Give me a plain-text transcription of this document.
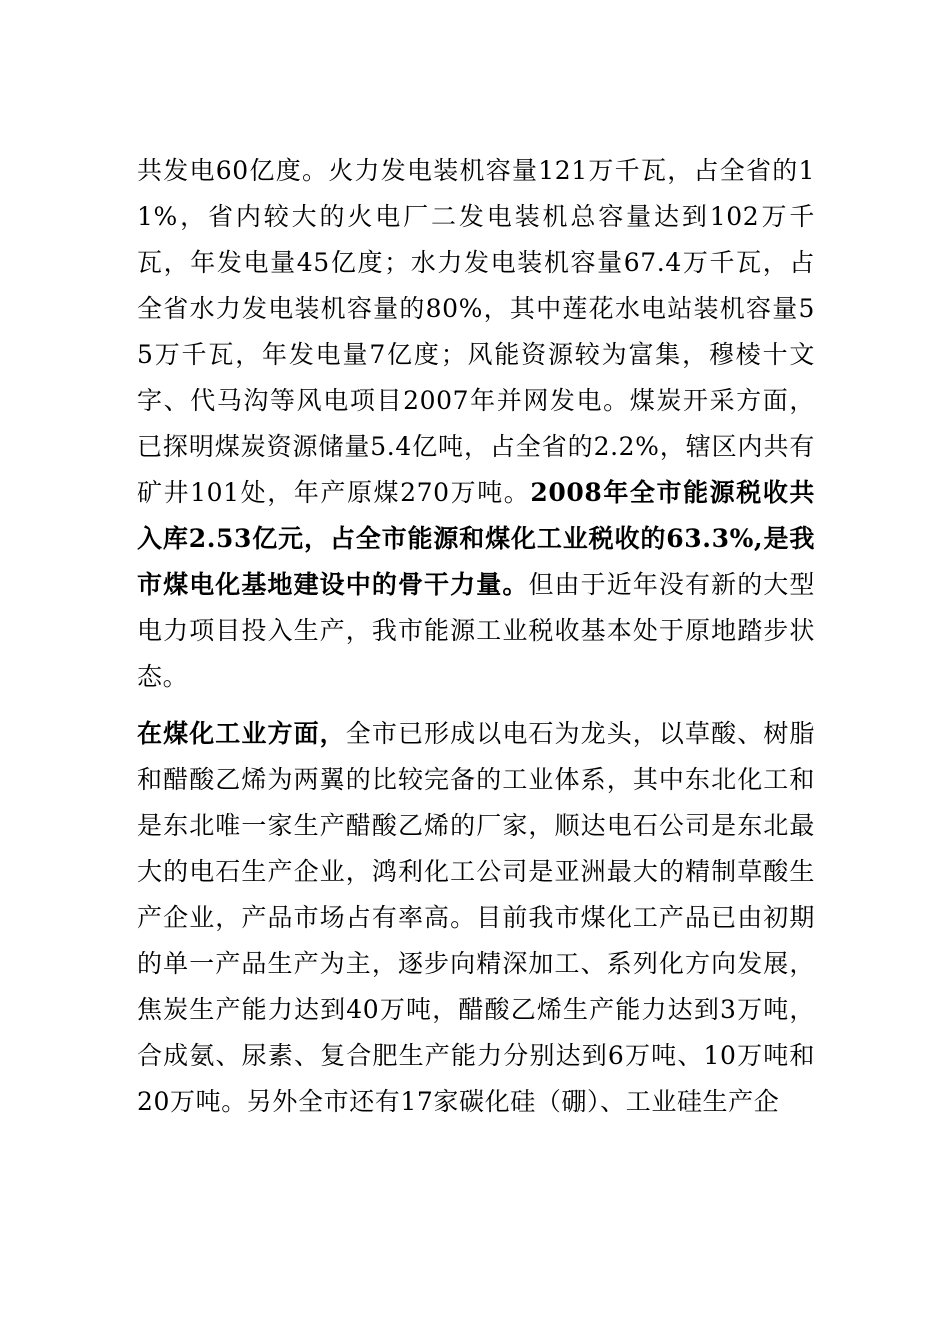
共发电60亿度。火力发电装机容量121万千瓦，占全省的11%，省内较大的火电厂二发电装机总容量达到102万千瓦，年发电量45亿度；水力发电装机容量67.4万千瓦，占全省水力发电装机容量的80%，其中莲花水电站装机容量55万千瓦，年发电量7亿度；风能资源较为富集，穆棱十文字、代马沟等风电项目2007年并网发电。煤炭开采方面，已探明煤炭资源储量5.4亿吨，占全省的2.2%，辖区内共有矿井101处，年产原煤270万吨。2008年全市能源税收共入库2.53亿元，占全市能源和煤化工业税收的63.3%,是我市煤电化基地建设中的骨干力量。但由于近年没有新的大型电力项目投入生产，我市能源工业税收基本处于原地踏步状态。

在煤化工业方面，全市已形成以电石为龙头，以草酸、树脂和醋酸乙烯为两翼的比较完备的工业体系，其中东北化工和是东北唯一家生产醋酸乙烯的厂家，顺达电石公司是东北最大的电石生产企业，鸿利化工公司是亚洲最大的精制草酸生产企业，产品市场占有率高。目前我市煤化工产品已由初期的单一产品生产为主，逐步向精深加工、系列化方向发展，焦炭生产能力达到40万吨，醋酸乙烯生产能力达到3万吨，合成氨、尿素、复合肥生产能力分别达到6万吨、10万吨和20万吨。另外全市还有17家碳化硅（硼）、工业硅生产企
